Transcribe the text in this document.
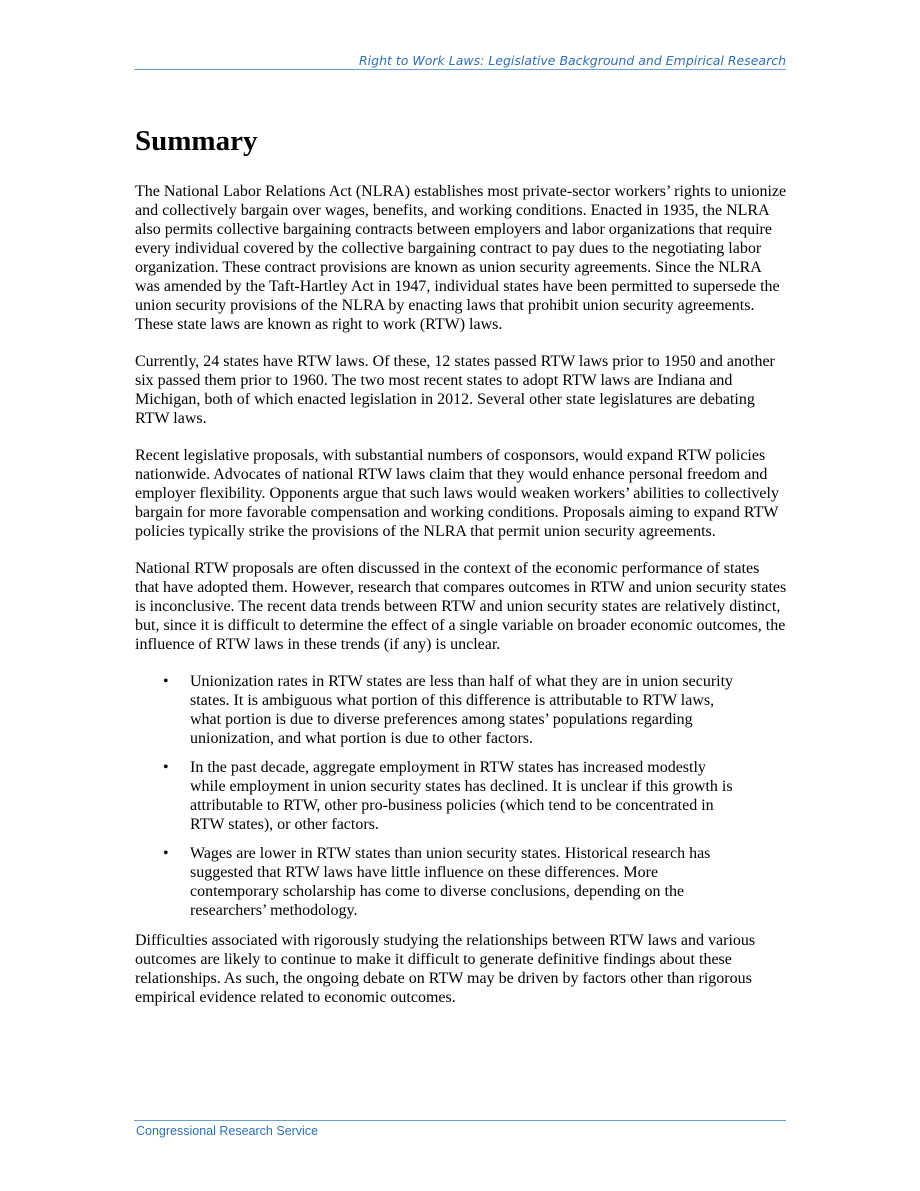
Right to Work Laws: Legislative Background and Empirical Research
Summary

The National Labor Relations Act (NLRA) establishes most private-sector workers’ rights to unionize and collectively bargain over wages, benefits, and working conditions. Enacted in 1935, the NLRA also permits collective bargaining contracts between employers and labor organizations that require every individual covered by the collective bargaining contract to pay dues to the negotiating labor organization. These contract provisions are known as union security agreements. Since the NLRA was amended by the Taft-Hartley Act in 1947, individual states have been permitted to supersede the union security provisions of the NLRA by enacting laws that prohibit union security agreements. These state laws are known as right to work (RTW) laws.

Currently, 24 states have RTW laws. Of these, 12 states passed RTW laws prior to 1950 and another six passed them prior to 1960. The two most recent states to adopt RTW laws are Indiana and Michigan, both of which enacted legislation in 2012. Several other state legislatures are debating RTW laws.

Recent legislative proposals, with substantial numbers of cosponsors, would expand RTW policies nationwide. Advocates of national RTW laws claim that they would enhance personal freedom and employer flexibility. Opponents argue that such laws would weaken workers’ abilities to collectively bargain for more favorable compensation and working conditions. Proposals aiming to expand RTW policies typically strike the provisions of the NLRA that permit union security agreements.

National RTW proposals are often discussed in the context of the economic performance of states that have adopted them. However, research that compares outcomes in RTW and union security states is inconclusive. The recent data trends between RTW and union security states are relatively distinct, but, since it is difficult to determine the effect of a single variable on broader economic outcomes, the influence of RTW laws in these trends (if any) is unclear.

• Unionization rates in RTW states are less than half of what they are in union security states. It is ambiguous what portion of this difference is attributable to RTW laws, what portion is due to diverse preferences among states’ populations regarding unionization, and what portion is due to other factors.
• In the past decade, aggregate employment in RTW states has increased modestly while employment in union security states has declined. It is unclear if this growth is attributable to RTW, other pro-business policies (which tend to be concentrated in RTW states), or other factors.
• Wages are lower in RTW states than union security states. Historical research has suggested that RTW laws have little influence on these differences. More contemporary scholarship has come to diverse conclusions, depending on the researchers’ methodology.

Difficulties associated with rigorously studying the relationships between RTW laws and various outcomes are likely to continue to make it difficult to generate definitive findings about these relationships. As such, the ongoing debate on RTW may be driven by factors other than rigorous empirical evidence related to economic outcomes.

Congressional Research Service
